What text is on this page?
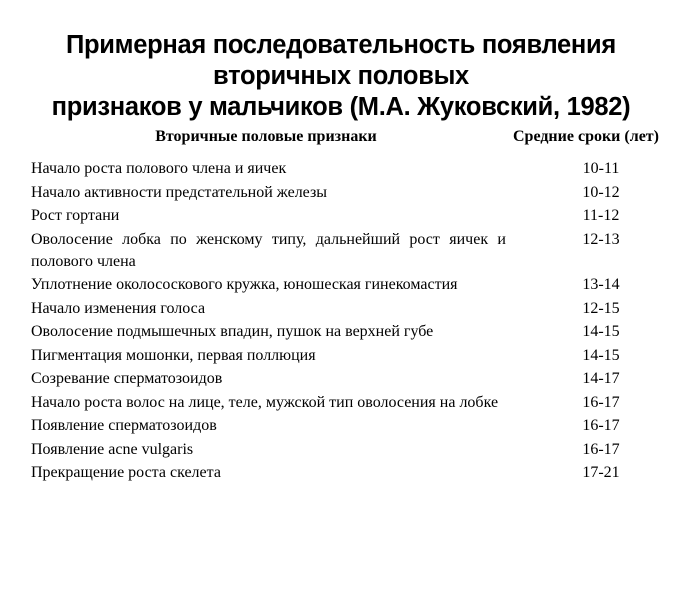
Примерная последовательность появления
вторичных половых
признаков у мальчиков (М.А. Жуковский, 1982)
Вторичные половые признаки	Средние сроки (лет)
Начало роста полового члена и яичек	10-11
Начало активности предстательной железы	10-12
Рост гортани	11-12
Оволосение лобка по женскому типу, дальнейший рост яичек и полового члена	12-13
Уплотнение околососкового кружка, юношеская гинекомастия	13-14
Начало изменения голоса	12-15
Оволосение подмышечных впадин, пушок на верхней губе	14-15
Пигментация мошонки, первая поллюция	14-15
Созревание сперматозоидов	14-17
Начало роста волос на лице, теле, мужской тип оволосения на лобке	16-17
Появление сперматозоидов	16-17
Появление acne vulgaris	16-17
Прекращение роста скелета	17-21
